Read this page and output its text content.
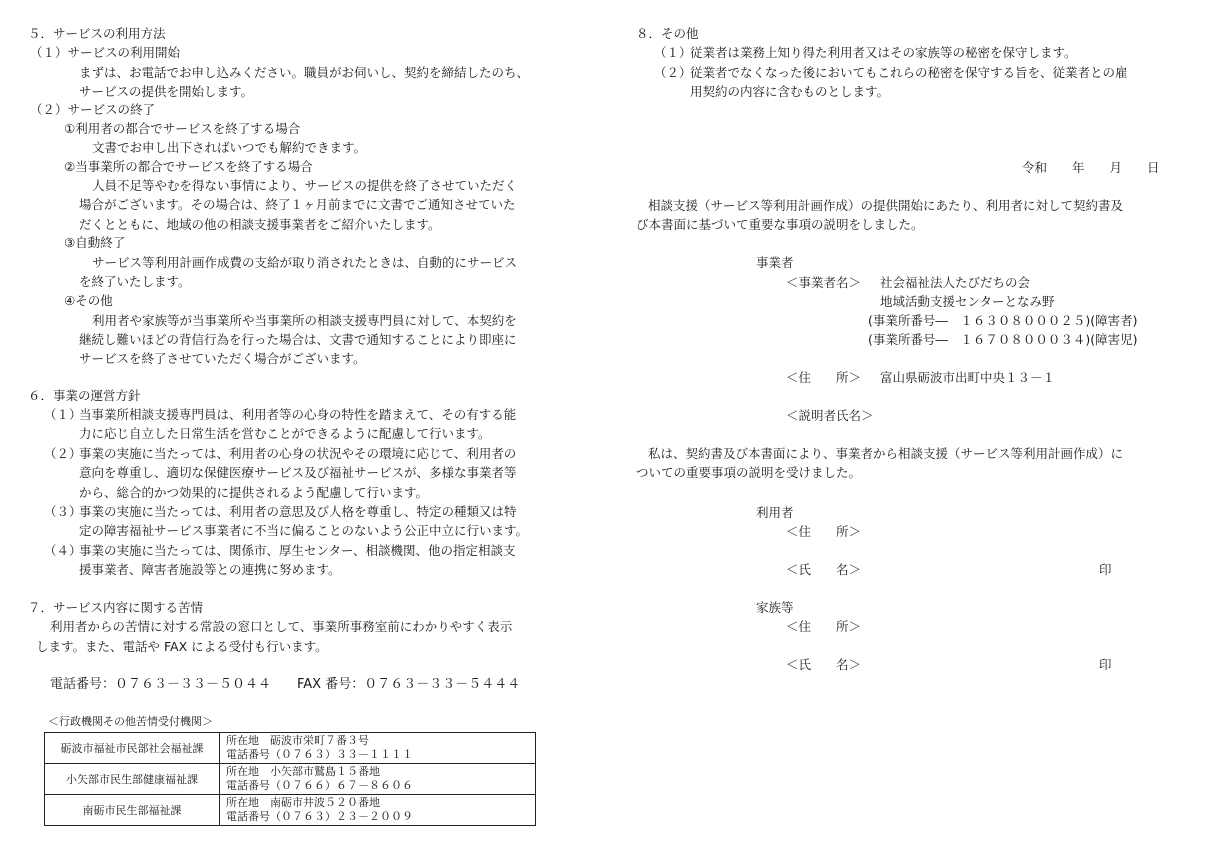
５．サービスの利用方法
（１）サービスの利用開始
まずは、お電話でお申し込みください。職員がお伺いし、契約を締結したのち、
サービスの提供を開始します。
（２）サービスの終了
①利用者の都合でサービスを終了する場合
文書でお申し出下さればいつでも解約できます。
②当事業所の都合でサービスを終了する場合
人員不足等やむを得ない事情により、サービスの提供を終了させていただく
場合がございます。その場合は、終了１ヶ月前までに文書でご通知させていた
だくとともに、地域の他の相談支援事業者をご紹介いたします。
③自動終了
サービス等利用計画作成費の支給が取り消されたときは、自動的にサービス
を終了いたします。
④その他
利用者や家族等が当事業所や当事業所の相談支援専門員に対して、本契約を
継続し難いほどの背信行為を行った場合は、文書で通知することにより即座に
サービスを終了させていただく場合がございます。
６．事業の運営方針
（１）
当事業所相談支援専門員は、利用者等の心身の特性を踏まえて、その有する能
力に応じ自立した日常生活を営むことができるように配慮して行います。
（２）
事業の実施に当たっては、利用者の心身の状況やその環境に応じて、利用者の
意向を尊重し、適切な保健医療サービス及び福祉サービスが、多様な事業者等
から、総合的かつ効果的に提供されるよう配慮して行います。
（３）
事業の実施に当たっては、利用者の意思及び人格を尊重し、特定の種類又は特
定の障害福祉サービス事業者に不当に偏ることのないよう公正中立に行います。
（４）
事業の実施に当たっては、関係市、厚生センター、相談機関、他の指定相談支
援事業者、障害者施設等との連携に努めます。
７．サービス内容に関する苦情
利用者からの苦情に対する常設の窓口として、事業所事務室前にわかりやすく表示
します。また、電話や FAX による受付も行います。
電話番号：０７６３－３３－５０４４　　FAX 番号：０７６３－３３－５４４４
＜行政機関その他苦情受付機関＞
砺波市福祉市民部社会福祉課	所在地　砺波市栄町７番３号
電話番号（０７６３）３３－１１１１

小矢部市民生部健康福祉課	所在地　小矢部市鷲島１５番地
電話番号（０７６６）６７－８６０６

南砺市民生部福祉課	所在地　南砺市井波５２０番地
電話番号（０７６３）２３－２００９
８．その他
（１）
従業者は業務上知り得た利用者又はその家族等の秘密を保守します。
（２）
従業者でなくなった後においてもこれらの秘密を保守する旨を、従業者との雇
用契約の内容に含むものとします。
令和　　年　　月　　日
相談支援（サービス等利用計画作成）の提供開始にあたり、利用者に対して契約書及
び本書面に基づいて重要な事項の説明をしました。
事業者
＜事業者名＞ 社会福祉法人たびだちの会
地域活動支援センターとなみ野
(事業所番号―　１６３０８０００２５)(障害者)
(事業所番号―　１６７０８０００３４)(障害児)
＜住　　所＞ 富山県砺波市出町中央１３－１
＜説明者氏名＞
私は、契約書及び本書面により、事業者から相談支援（サービス等利用計画作成）に
ついての重要事項の説明を受けました。
利用者
＜住　　所＞
＜氏　　名＞	印
家族等
＜住　　所＞
＜氏　　名＞	印
